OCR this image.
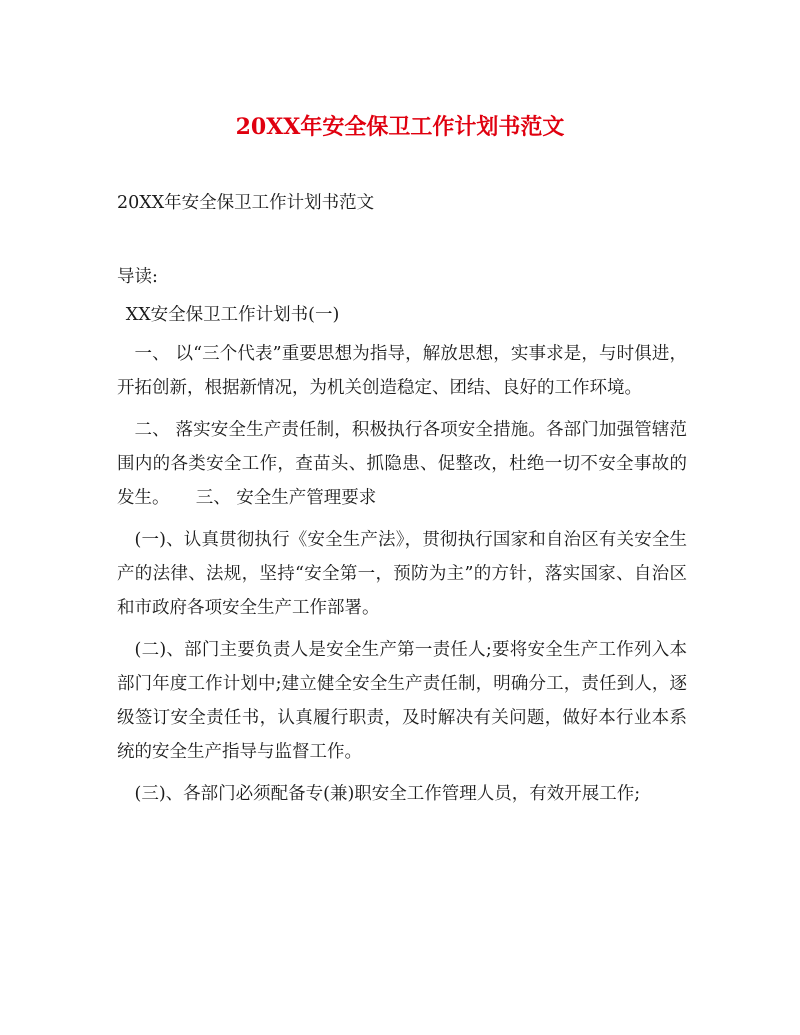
20XX年安全保卫工作计划书范文

20XX年安全保卫工作计划书范文

导读:

XX安全保卫工作计划书(一)

一、 以“三个代表”重要思想为指导，解放思想，实事求是，与时俱进，开拓创新，根据新情况，为机关创造稳定、团结、良好的工作环境。

二、 落实安全生产责任制，积极执行各项安全措施。各部门加强管辖范围内的各类安全工作，查苗头、抓隐患、促整改，杜绝一切不安全事故的发生。　　三、 安全生产管理要求

(一)、认真贯彻执行《安全生产法》，贯彻执行国家和自治区有关安全生产的法律、法规，坚持“安全第一，预防为主”的方针，落实国家、自治区和市政府各项安全生产工作部署。

(二)、部门主要负责人是安全生产第一责任人;要将安全生产工作列入本部门年度工作计划中;建立健全安全生产责任制，明确分工，责任到人，逐级签订安全责任书，认真履行职责，及时解决有关问题，做好本行业本系统的安全生产指导与监督工作。

(三)、各部门必须配备专(兼)职安全工作管理人员，有效开展工作;
